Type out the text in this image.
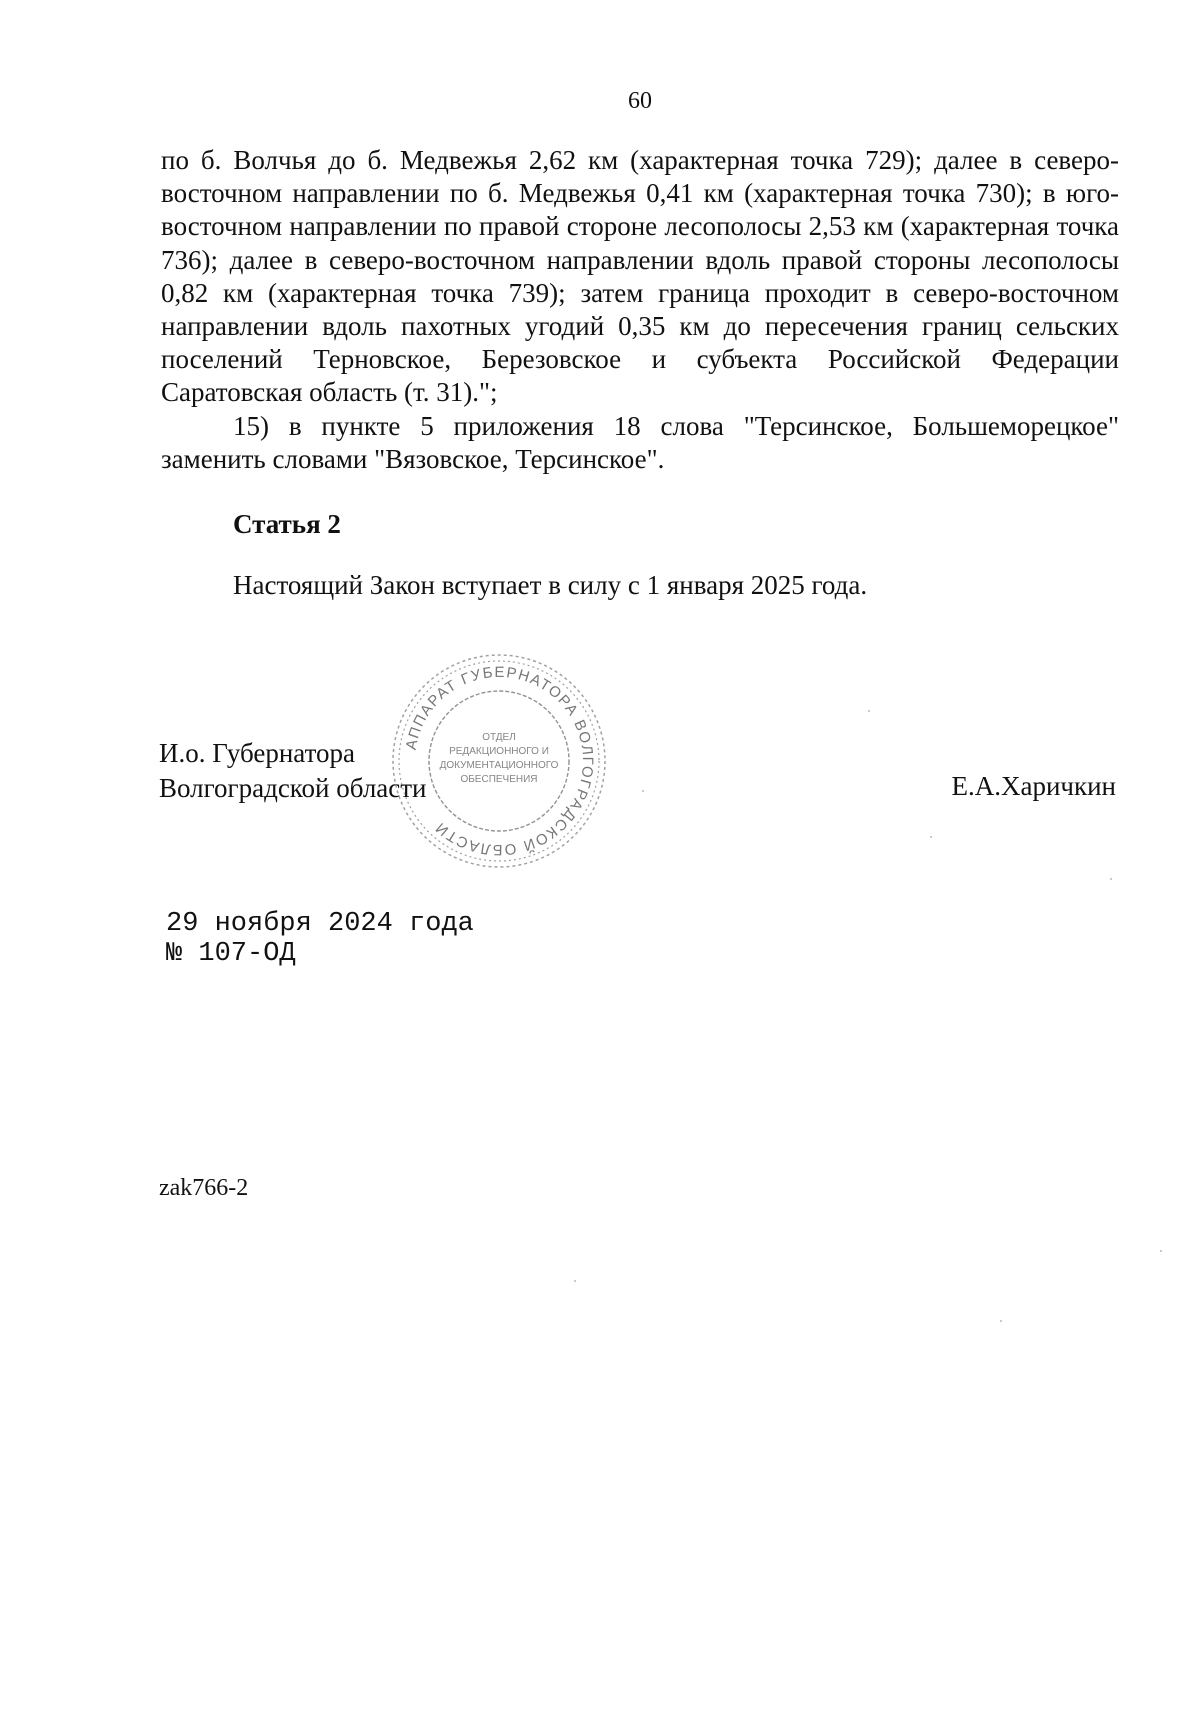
60

по б. Волчья до б. Медвежья 2,62 км (характерная точка 729); далее в северо-восточном направлении по б. Медвежья 0,41 км (характерная точка 730); в юго-восточном направлении по правой стороне лесополосы 2,53 км (характерная точка 736); далее в северо-восточном направлении вдоль правой стороны лесополосы 0,82 км (характерная точка 739); затем граница проходит в северо-восточном направлении вдоль пахотных угодий 0,35 км до пересечения границ сельских поселений Терновское, Березовское и субъекта Российской Федерации Саратовская область (т. 31).";

15) в пункте 5 приложения 18 слова "Терсинское, Большеморецкое" заменить словами "Вязовское, Терсинское".

Статья 2
Настоящий Закон вступает в силу с 1 января 2025 года.
И.о. Губернатора
Волгоградской области
АППАРАТ ГУБЕРНАТОРА ВОЛГОГРАДСКОЙ ОБЛАСТИ
ОТДЕЛ
РЕДАКЦИОННОГО И
ДОКУМЕНТАЦИОННОГО
ОБЕСПЕЧЕНИЯ	Е.А.Харичкин
29 ноября 2024 года
№ 107-ОД
zak766-2
